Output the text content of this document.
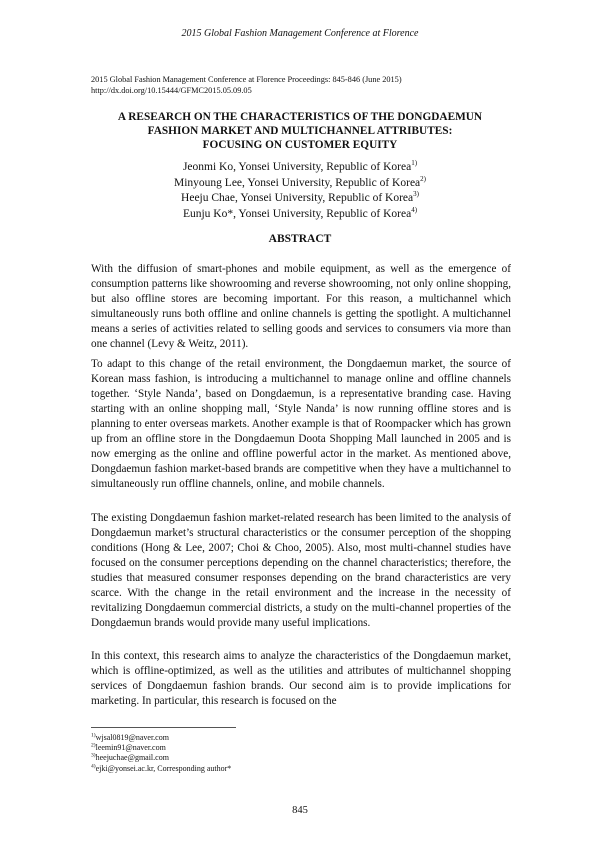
2015 Global Fashion Management Conference at Florence
2015 Global Fashion Management Conference at Florence Proceedings: 845-846 (June 2015)
http://dx.doi.org/10.15444/GFMC2015.05.09.05
A RESEARCH ON THE CHARACTERISTICS OF THE DONGDAEMUN
FASHION MARKET AND MULTICHANNEL ATTRIBUTES:
FOCUSING ON CUSTOMER EQUITY
Jeonmi Ko, Yonsei University, Republic of Korea$^{1)}$
Minyoung Lee, Yonsei University, Republic of Korea$^{2)}$
Heeju Chae, Yonsei University, Republic of Korea$^{3)}$
Eunju Ko*, Yonsei University, Republic of Korea$^{4)}$
ABSTRACT

With the diffusion of smart-phones and mobile equipment, as well as the emergence of consumption patterns like showrooming and reverse showrooming, not only online shopping, but also offline stores are becoming important. For this reason, a multichannel which simultaneously runs both offline and online channels is getting the spotlight. A multichannel means a series of activities related to selling goods and services to consumers via more than one channel (Levy & Weitz, 2011).

To adapt to this change of the retail environment, the Dongdaemun market, the source of Korean mass fashion, is introducing a multichannel to manage online and offline channels together. ‘Style Nanda’, based on Dongdaemun, is a representative branding case. Having starting with an online shopping mall, ‘Style Nanda’ is now running offline stores and is planning to enter overseas markets. Another example is that of Roompacker which has grown up from an offline store in the Dongdaemun Doota Shopping Mall launched in 2005 and is now emerging as the online and offline powerful actor in the market. As mentioned above, Dongdaemun fashion market-based brands are competitive when they have a multichannel to simultaneously run offline channels, online, and mobile channels.

The existing Dongdaemun fashion market-related research has been limited to the analysis of Dongdaemun market’s structural characteristics or the consumer perception of the shopping conditions (Hong & Lee, 2007; Choi & Choo, 2005). Also, most multi-channel studies have focused on the consumer perceptions depending on the channel characteristics; therefore, the studies that measured consumer responses depending on the brand characteristics are very scarce. With the change in the retail environment and the increase in the necessity of revitalizing Dongdaemun commercial districts, a study on the multi-channel properties of the Dongdaemun brands would provide many useful implications.

In this context, this research aims to analyze the characteristics of the Dongdaemun market, which is offline-optimized, as well as the utilities and attributes of multichannel shopping services of Dongdaemun fashion brands. Our second aim is to provide implications for marketing. In particular, this research is focused on the

$^{1)}$wjsal0819@naver.com
$^{2)}$leemin91@naver.com
$^{3)}$heejuchae@gmail.com
$^{4)}$ejki@yonsei.ac.kr, Corresponding author*
845
